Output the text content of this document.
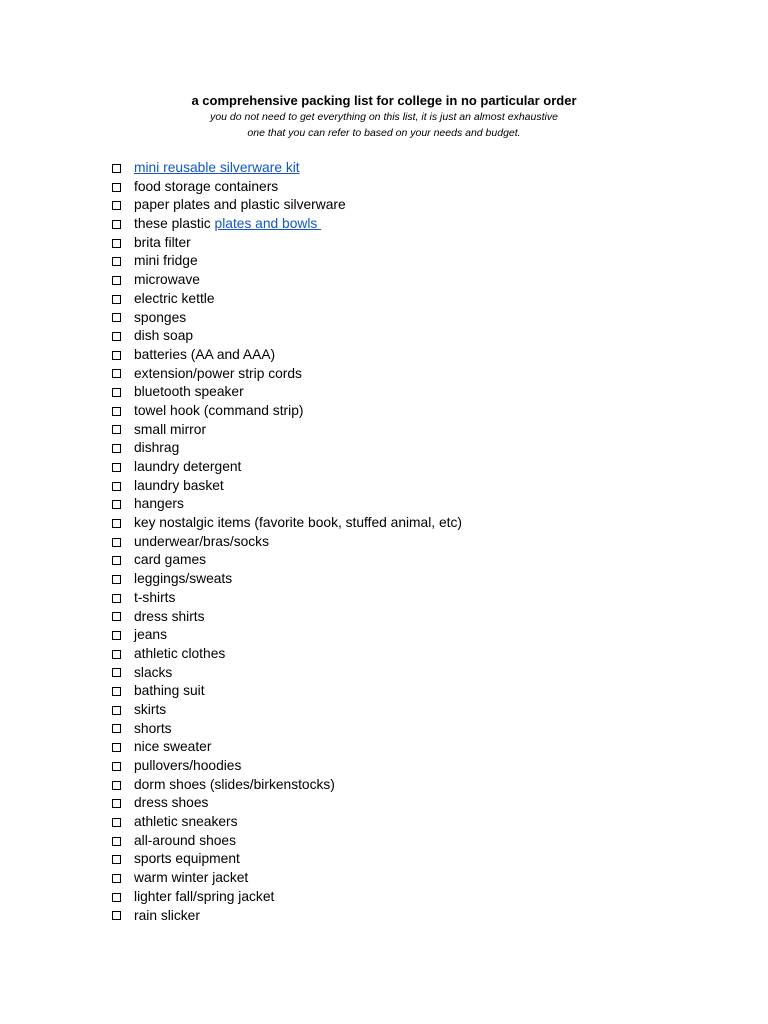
a comprehensive packing list for college in no particular order
you do not need to get everything on this list, it is just an almost exhaustive
one that you can refer to based on your needs and budget.
mini reusable silverware kit
food storage containers
paper plates and plastic silverware
these plastic plates and bowls
brita filter
mini fridge
microwave
electric kettle
sponges
dish soap
batteries (AA and AAA)
extension/power strip cords
bluetooth speaker
towel hook (command strip)
small mirror
dishrag
laundry detergent
laundry basket
hangers
key nostalgic items (favorite book, stuffed animal, etc)
underwear/bras/socks
card games
leggings/sweats
t-shirts
dress shirts
jeans
athletic clothes
slacks
bathing suit
skirts
shorts
nice sweater
pullovers/hoodies
dorm shoes (slides/birkenstocks)
dress shoes
athletic sneakers
all-around shoes
sports equipment
warm winter jacket
lighter fall/spring jacket
rain slicker
